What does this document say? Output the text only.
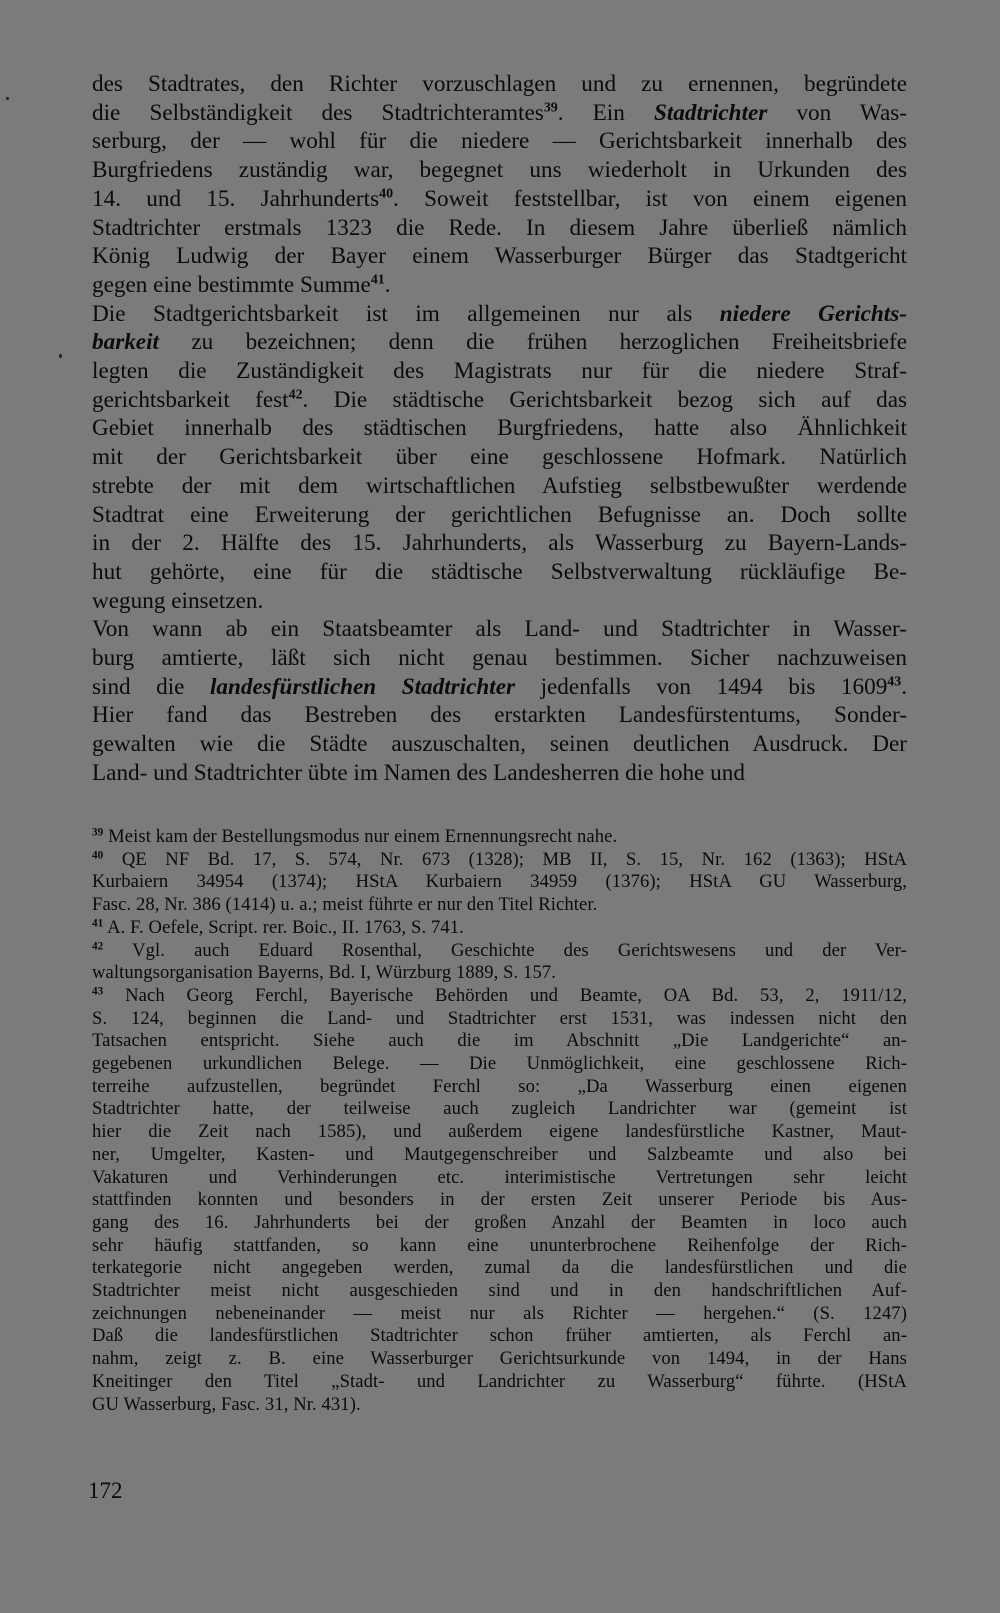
des Stadtrates, den Richter vorzuschlagen und zu ernennen, begründete
die Selbständigkeit des Stadtrichteramtes$^{39}$. Ein Stadtrichter von Was-
serburg, der — wohl für die niedere — Gerichtsbarkeit innerhalb des
Burgfriedens zuständig war, begegnet uns wiederholt in Urkunden des
14. und 15. Jahrhunderts$^{40}$. Soweit feststellbar, ist von einem eigenen
Stadtrichter erstmals 1323 die Rede. In diesem Jahre überließ nämlich
König Ludwig der Bayer einem Wasserburger Bürger das Stadtgericht
gegen eine bestimmte Summe$^{41}$.

Die Stadtgerichtsbarkeit ist im allgemeinen nur als niedere Gerichts-
barkeit zu bezeichnen; denn die frühen herzoglichen Freiheitsbriefe
legten die Zuständigkeit des Magistrats nur für die niedere Straf-
gerichtsbarkeit fest$^{42}$. Die städtische Gerichtsbarkeit bezog sich auf das
Gebiet innerhalb des städtischen Burgfriedens, hatte also Ähnlichkeit
mit der Gerichtsbarkeit über eine geschlossene Hofmark. Natürlich
strebte der mit dem wirtschaftlichen Aufstieg selbstbewußter werdende
Stadtrat eine Erweiterung der gerichtlichen Befugnisse an. Doch sollte
in der 2. Hälfte des 15. Jahrhunderts, als Wasserburg zu Bayern-Lands-
hut gehörte, eine für die städtische Selbstverwaltung rückläufige Be-
wegung einsetzen.

Von wann ab ein Staatsbeamter als Land- und Stadtrichter in Wasser-
burg amtierte, läßt sich nicht genau bestimmen. Sicher nachzuweisen
sind die landesfürstlichen Stadtrichter jedenfalls von 1494 bis 1609$^{43}$.
Hier fand das Bestreben des erstarkten Landesfürstentums, Sonder-
gewalten wie die Städte auszuschalten, seinen deutlichen Ausdruck. Der
Land- und Stadtrichter übte im Namen des Landesherren die hohe und

$^{39}$ Meist kam der Bestellungsmodus nur einem Ernennungsrecht nahe.

$^{40}$ QE NF Bd. 17, S. 574, Nr. 673 (1328); MB II, S. 15, Nr. 162 (1363); HStA
Kurbaiern 34954 (1374); HStA Kurbaiern 34959 (1376); HStA GU Wasserburg,
Fasc. 28, Nr. 386 (1414) u. a.; meist führte er nur den Titel Richter.

$^{41}$ A. F. Oefele, Script. rer. Boic., II. 1763, S. 741.

$^{42}$ Vgl. auch Eduard Rosenthal, Geschichte des Gerichtswesens und der Ver-
waltungsorganisation Bayerns, Bd. I, Würzburg 1889, S. 157.

$^{43}$ Nach Georg Ferchl, Bayerische Behörden und Beamte, OA Bd. 53, 2, 1911/12,
S. 124, beginnen die Land- und Stadtrichter erst 1531, was indessen nicht den
Tatsachen entspricht. Siehe auch die im Abschnitt „Die Landgerichte“ an-
gegebenen urkundlichen Belege. — Die Unmöglichkeit, eine geschlossene Rich-
terreihe aufzustellen, begründet Ferchl so: „Da Wasserburg einen eigenen
Stadtrichter hatte, der teilweise auch zugleich Landrichter war (gemeint ist
hier die Zeit nach 1585), und außerdem eigene landesfürstliche Kastner, Maut-
ner, Umgelter, Kasten- und Mautgegenschreiber und Salzbeamte und also bei
Vakaturen und Verhinderungen etc. interimistische Vertretungen sehr leicht
stattfinden konnten und besonders in der ersten Zeit unserer Periode bis Aus-
gang des 16. Jahrhunderts bei der großen Anzahl der Beamten in loco auch
sehr häufig stattfanden, so kann eine ununterbrochene Reihenfolge der Rich-
terkategorie nicht angegeben werden, zumal da die landesfürstlichen und die
Stadtrichter meist nicht ausgeschieden sind und in den handschriftlichen Auf-
zeichnungen nebeneinander — meist nur als Richter — hergehen.“ (S. 1247)
Daß die landesfürstlichen Stadtrichter schon früher amtierten, als Ferchl an-
nahm, zeigt z. B. eine Wasserburger Gerichtsurkunde von 1494, in der Hans
Kneitinger den Titel „Stadt- und Landrichter zu Wasserburg“ führte. (HStA
GU Wasserburg, Fasc. 31, Nr. 431).

172
